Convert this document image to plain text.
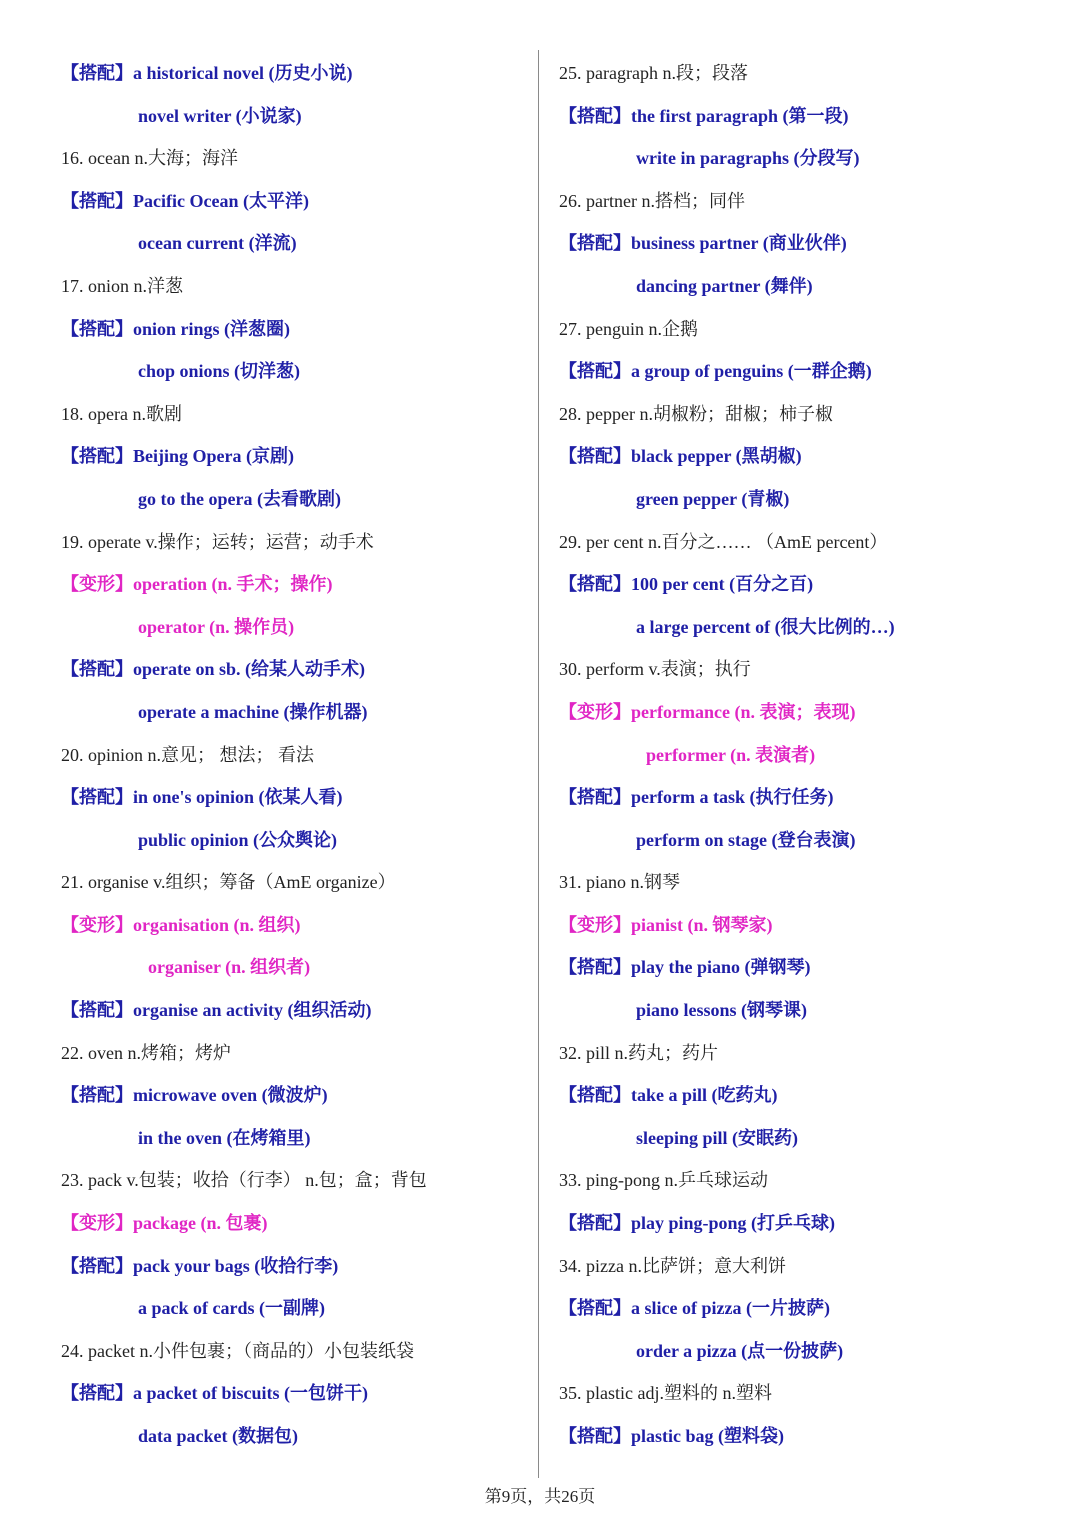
【搭配】a historical novel (历史小说)
novel writer (小说家)
16. ocean n.大海；海洋
【搭配】Pacific Ocean (太平洋)
ocean current (洋流)
17. onion n.洋葱
【搭配】onion rings (洋葱圈)
chop onions (切洋葱)
18. opera n.歌剧
【搭配】Beijing Opera (京剧)
go to the opera (去看歌剧)
19. operate v.操作；运转；运营；动手术
【变形】operation (n. 手术；操作)
operator (n. 操作员)
【搭配】operate on sb. (给某人动手术)
operate a machine (操作机器)
20. opinion n.意见； 想法； 看法
【搭配】in one's opinion (依某人看)
public opinion (公众舆论)
21. organise v.组织；筹备（AmE organize）
【变形】organisation (n. 组织)
organiser (n. 组织者)
【搭配】organise an activity (组织活动)
22. oven n.烤箱；烤炉
【搭配】microwave oven (微波炉)
in the oven (在烤箱里)
23. pack v.包装；收拾（行李） n.包；盒；背包
【变形】package (n. 包裹)
【搭配】pack your bags (收拾行李)
a pack of cards (一副牌)
24. packet n.小件包裹；（商品的）小包装纸袋
【搭配】a packet of biscuits (一包饼干)
data packet (数据包)
25. paragraph n.段；段落
【搭配】the first paragraph (第一段)
write in paragraphs (分段写)
26. partner n.搭档；同伴
【搭配】business partner (商业伙伴)
dancing partner (舞伴)
27. penguin n.企鹅
【搭配】a group of penguins (一群企鹅)
28. pepper n.胡椒粉；甜椒；柿子椒
【搭配】black pepper (黑胡椒)
green pepper (青椒)
29. per cent n.百分之…… （AmE percent）
【搭配】100 per cent (百分之百)
a large percent of (很大比例的…)
30. perform v.表演；执行
【变形】performance (n. 表演；表现)
performer (n. 表演者)
【搭配】perform a task (执行任务)
perform on stage (登台表演)
31. piano n.钢琴
【变形】pianist (n. 钢琴家)
【搭配】play the piano (弹钢琴)
piano lessons (钢琴课)
32. pill n.药丸；药片
【搭配】take a pill (吃药丸)
sleeping pill (安眠药)
33. ping-pong n.乒乓球运动
【搭配】play ping-pong (打乒乓球)
34. pizza n.比萨饼；意大利饼
【搭配】a slice of pizza (一片披萨)
order a pizza (点一份披萨)
35. plastic adj.塑料的 n.塑料
【搭配】plastic bag (塑料袋)
第9页，共26页
